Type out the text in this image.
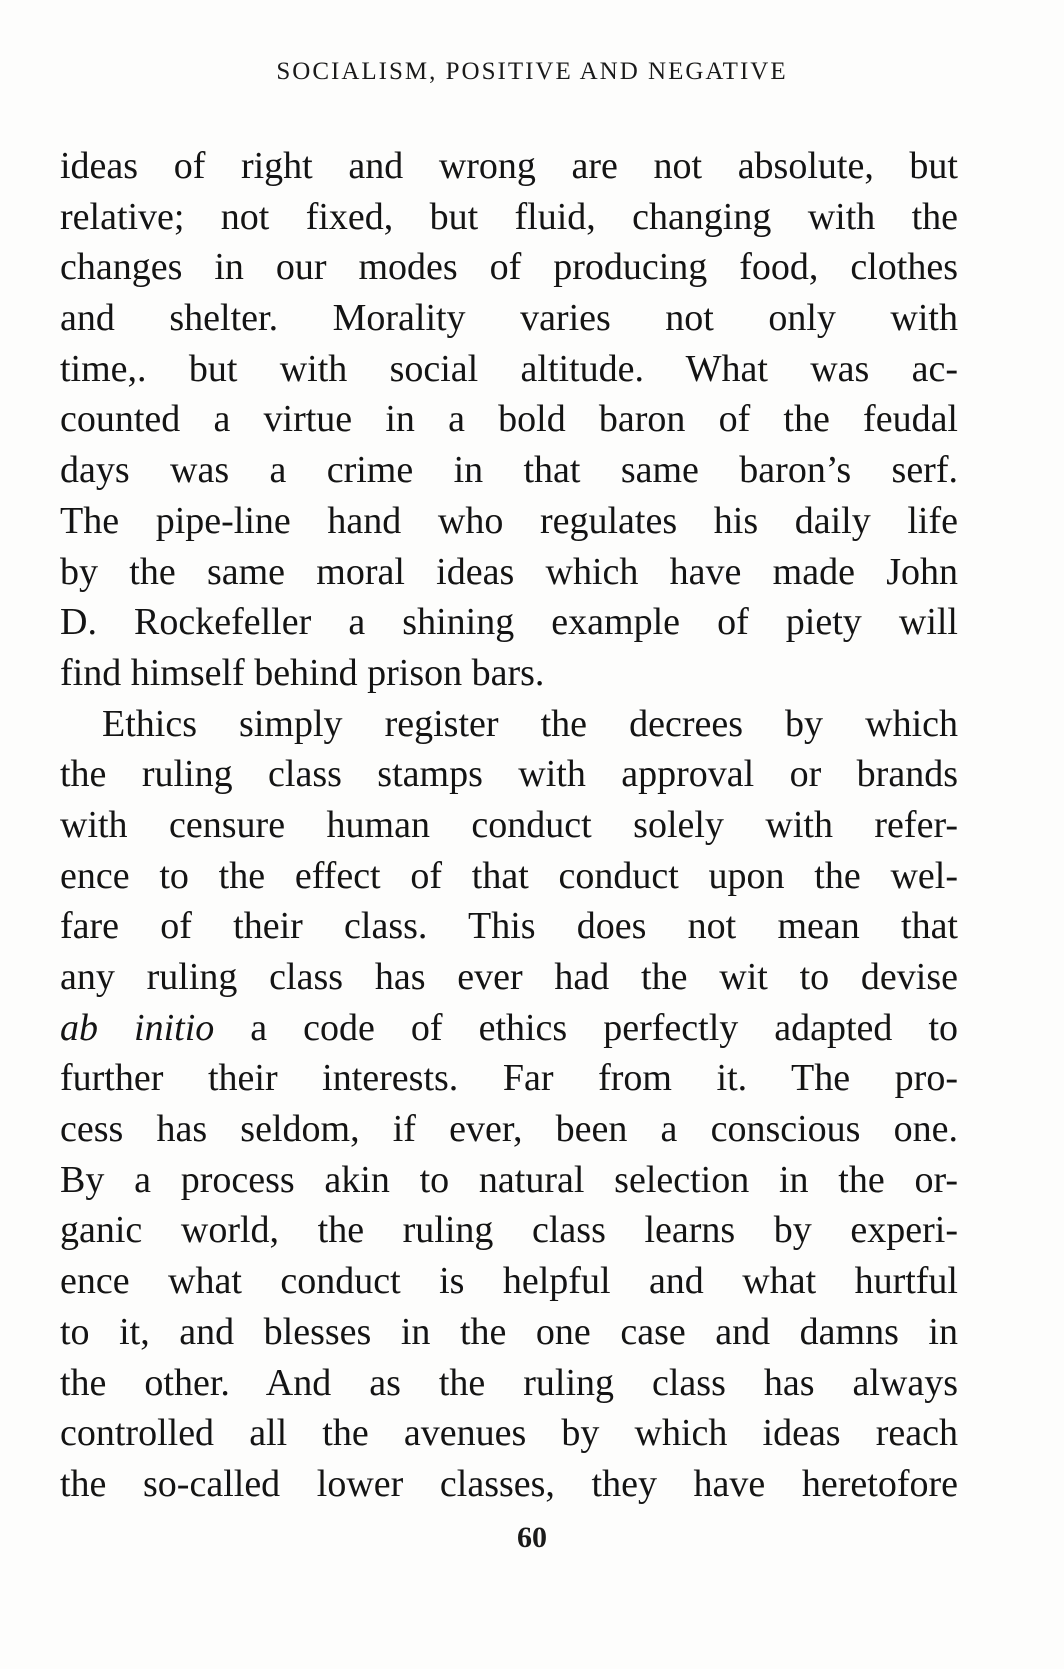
SOCIALISM, POSITIVE AND NEGATIVE
ideas of right and wrong are not absolute, but
relative; not fixed, but fluid, changing with the
changes in our modes of producing food, clothes
and shelter. Morality varies not only with
time,. but with social altitude. What was ac-
counted a virtue in a bold baron of the feudal
days was a crime in that same baron’s serf.
The pipe-line hand who regulates his daily life
by the same moral ideas which have made John
D. Rockefeller a shining example of piety will
find himself behind prison bars.
Ethics simply register the decrees by which
the ruling class stamps with approval or brands
with censure human conduct solely with refer-
ence to the effect of that conduct upon the wel-
fare of their class. This does not mean that
any ruling class has ever had the wit to devise
ab initio a code of ethics perfectly adapted to
further their interests. Far from it. The pro-
cess has seldom, if ever, been a conscious one.
By a process akin to natural selection in the or-
ganic world, the ruling class learns by experi-
ence what conduct is helpful and what hurtful
to it, and blesses in the one case and damns in
the other. And as the ruling class has always
controlled all the avenues by which ideas reach
the so-called lower classes, they have heretofore
60
